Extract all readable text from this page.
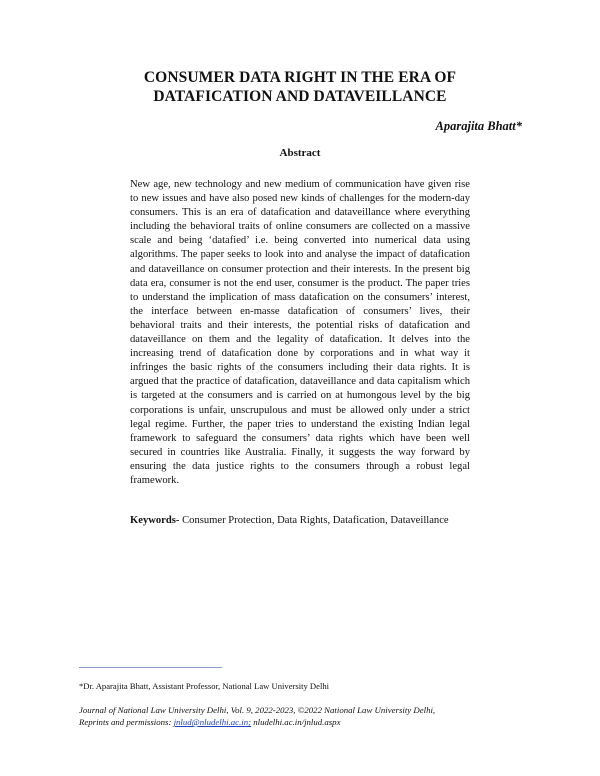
CONSUMER DATA RIGHT IN THE ERA OF
DATAFICATION AND DATAVEILLANCE
Aparajita Bhatt*
Abstract
New age, new technology and new medium of communication have given rise to new issues and have also posed new kinds of challenges for the modern-day consumers. This is an era of datafication and dataveillance where everything including the behavioral traits of online consumers are collected on a massive scale and being ‘datafied’ i.e. being converted into numerical data using algorithms. The paper seeks to look into and analyse the impact of datafication and dataveillance on consumer protection and their interests. In the present big data era, consumer is not the end user, consumer is the product. The paper tries to understand the implication of mass datafication on the consumers’ interest, the interface between en-masse datafication of consumers’ lives, their behavioral traits and their interests, the potential risks of datafication and dataveillance on them and the legality of datafication. It delves into the increasing trend of datafication done by corporations and in what way it infringes the basic rights of the consumers including their data rights. It is argued that the practice of datafication, dataveillance and data capitalism which is targeted at the consumers and is carried on at humongous level by the big corporations is unfair, unscrupulous and must be allowed only under a strict legal regime. Further, the paper tries to understand the existing Indian legal framework to safeguard the consumers’ data rights which have been well secured in countries like Australia. Finally, it suggests the way forward by ensuring the data justice rights to the consumers through a robust legal framework.
Keywords- Consumer Protection, Data Rights, Datafication, Dataveillance
*Dr. Aparajita Bhatt, Assistant Professor, National Law University Delhi
Journal of National Law University Delhi, Vol. 9, 2022-2023, ©2022 National Law University Delhi,
Reprints and permissions: jnlud@nludelhi.ac.in; nludelhi.ac.in/jnlud.aspx
